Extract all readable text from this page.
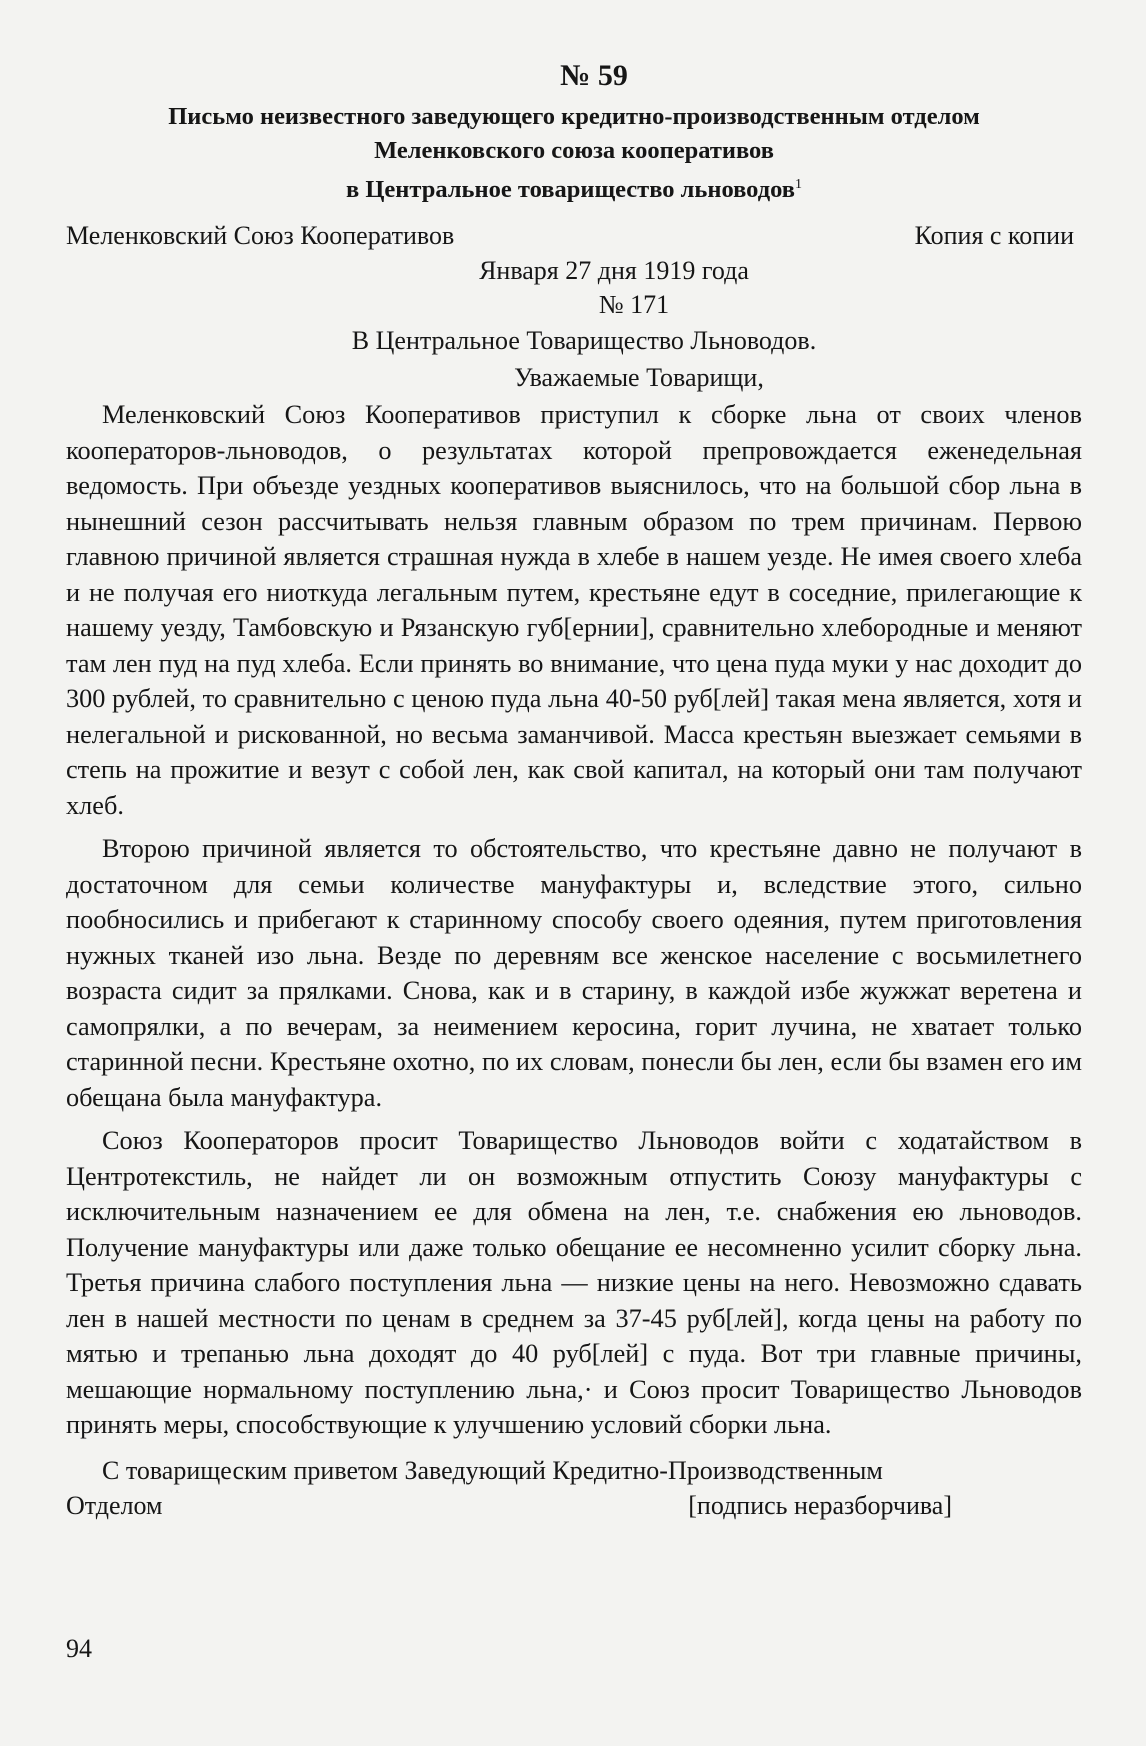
№ 59
Письмо неизвестного заведующего кредитно-производственным отделом
Меленковского союза кооперативов
в Центральное товарищество льноводов$^1$
Меленковский Союз Кооперативов	Копия с копии
Января 27 дня 1919 года
№ 171
В Центральное Товарищество Льноводов.
Уважаемые Товарищи,

Меленковский Союз Кооперативов приступил к сборке льна от своих членов кооператоров-льноводов, о результатах которой препровождается еженедельная ведомость. При объезде уездных кооперативов выяснилось, что на большой сбор льна в нынешний сезон рассчитывать нельзя главным образом по трем причинам. Первою главною причиной является страшная нужда в хлебе в нашем уезде. Не имея своего хлеба и не получая его ниоткуда легальным путем, крестьяне едут в соседние, прилегающие к нашему уезду, Тамбовскую и Рязанскую губ[ернии], сравнительно хлебородные и меняют там лен пуд на пуд хлеба. Если принять во внимание, что цена пуда муки у нас доходит до 300 рублей, то сравнительно с ценою пуда льна 40-50 руб[лей] такая мена является, хотя и нелегальной и рискованной, но весьма заманчивой. Масса крестьян выезжает семьями в степь на прожитие и везут с собой лен, как свой капитал, на который они там получают хлеб.

Второю причиной является то обстоятельство, что крестьяне давно не получают в достаточном для семьи количестве мануфактуры и, вследствие этого, сильно пообносились и прибегают к старинному способу своего одеяния, путем приготовления нужных тканей изо льна. Везде по деревням все женское население с восьмилетнего возраста сидит за прялками. Снова, как и в старину, в каждой избе жужжат веретена и самопрялки, а по вечерам, за неимением керосина, горит лучина, не хватает только старинной песни. Крестьяне охотно, по их словам, понесли бы лен, если бы взамен его им обещана была мануфактура.

Союз Кооператоров просит Товарищество Льноводов войти с ходатайством в Центротекстиль, не найдет ли он возможным отпустить Союзу мануфактуры с исключительным назначением ее для обмена на лен, т.е. снабжения ею льноводов. Получение мануфактуры или даже только обещание ее несомненно усилит сборку льна. Третья причина слабого поступления льна — низкие цены на него. Невозможно сдавать лен в нашей местности по ценам в среднем за 37-45 руб[лей], когда цены на работу по мятью и трепанью льна доходят до 40 руб[лей] с пуда. Вот три главные причины, мешающие нормальному поступлению льна,· и Союз просит Товарищество Льноводов принять меры, способствующие к улучшению условий сборки льна.

С товарищеским приветом Заведующий Кредитно-Производственным
Отделом	[подпись неразборчива]
94
